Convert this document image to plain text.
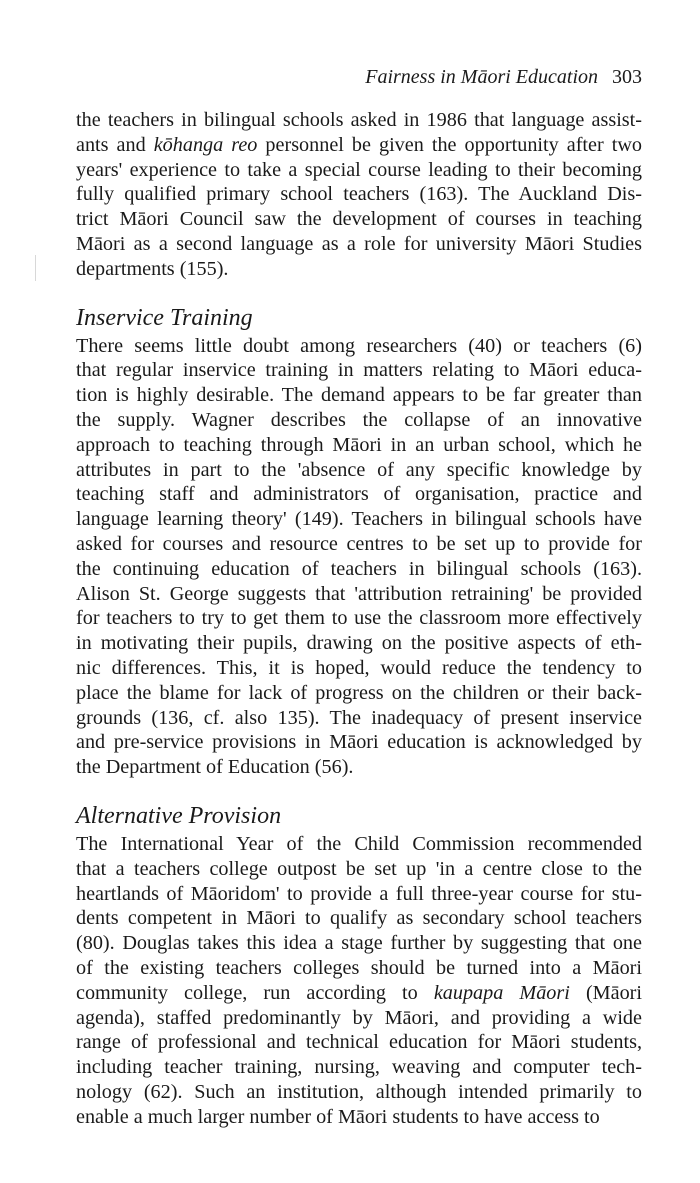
Fairness in Māori Education 303

the teachers in bilingual schools asked in 1986 that language assist-
ants and kōhanga reo personnel be given the opportunity after two
years' experience to take a special course leading to their becoming
fully qualified primary school teachers (163). The Auckland Dis-
trict Māori Council saw the development of courses in teaching
Māori as a second language as a role for university Māori Studies
departments (155).

Inservice Training

There seems little doubt among researchers (40) or teachers (6)
that regular inservice training in matters relating to Māori educa-
tion is highly desirable. The demand appears to be far greater than
the supply. Wagner describes the collapse of an innovative
approach to teaching through Māori in an urban school, which he
attributes in part to the 'absence of any specific knowledge by
teaching staff and administrators of organisation, practice and
language learning theory' (149). Teachers in bilingual schools have
asked for courses and resource centres to be set up to provide for
the continuing education of teachers in bilingual schools (163).
Alison St. George suggests that 'attribution retraining' be provided
for teachers to try to get them to use the classroom more effectively
in motivating their pupils, drawing on the positive aspects of eth-
nic differences. This, it is hoped, would reduce the tendency to
place the blame for lack of progress on the children or their back-
grounds (136, cf. also 135). The inadequacy of present inservice
and pre-service provisions in Māori education is acknowledged by
the Department of Education (56).

Alternative Provision

The International Year of the Child Commission recommended
that a teachers college outpost be set up 'in a centre close to the
heartlands of Māoridom' to provide a full three-year course for stu-
dents competent in Māori to qualify as secondary school teachers
(80). Douglas takes this idea a stage further by suggesting that one
of the existing teachers colleges should be turned into a Māori
community college, run according to kaupapa Māori (Māori
agenda), staffed predominantly by Māori, and providing a wide
range of professional and technical education for Māori students,
including teacher training, nursing, weaving and computer tech-
nology (62). Such an institution, although intended primarily to
enable a much larger number of Māori students to have access to
